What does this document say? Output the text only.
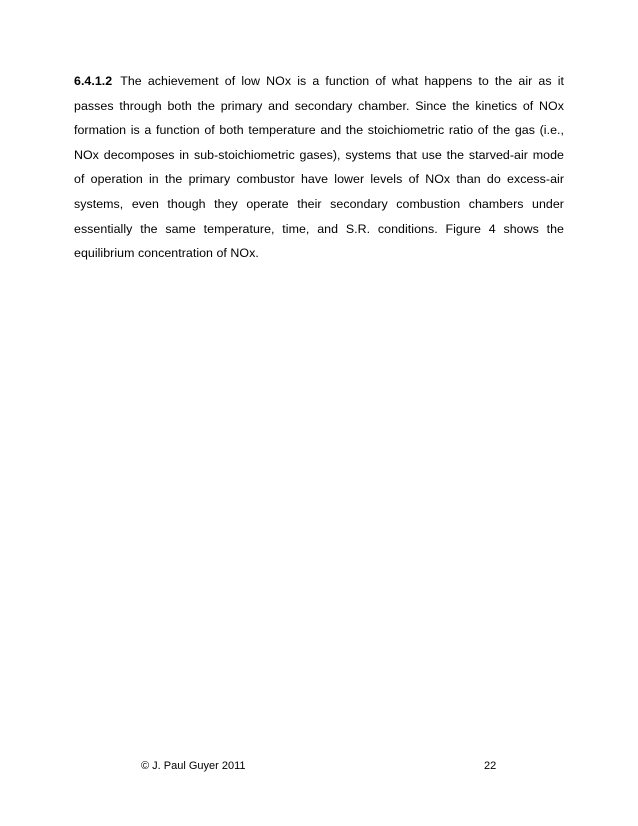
6.4.1.2 The achievement of low NOx is a function of what happens to the air as it passes through both the primary and secondary chamber. Since the kinetics of NOx formation is a function of both temperature and the stoichiometric ratio of the gas (i.e., NOx decomposes in sub-stoichiometric gases), systems that use the starved-air mode of operation in the primary combustor have lower levels of NOx than do excess-air systems, even though they operate their secondary combustion chambers under essentially the same temperature, time, and S.R. conditions. Figure 4 shows the equilibrium concentration of NOx.

© J. Paul Guyer 2011	22
